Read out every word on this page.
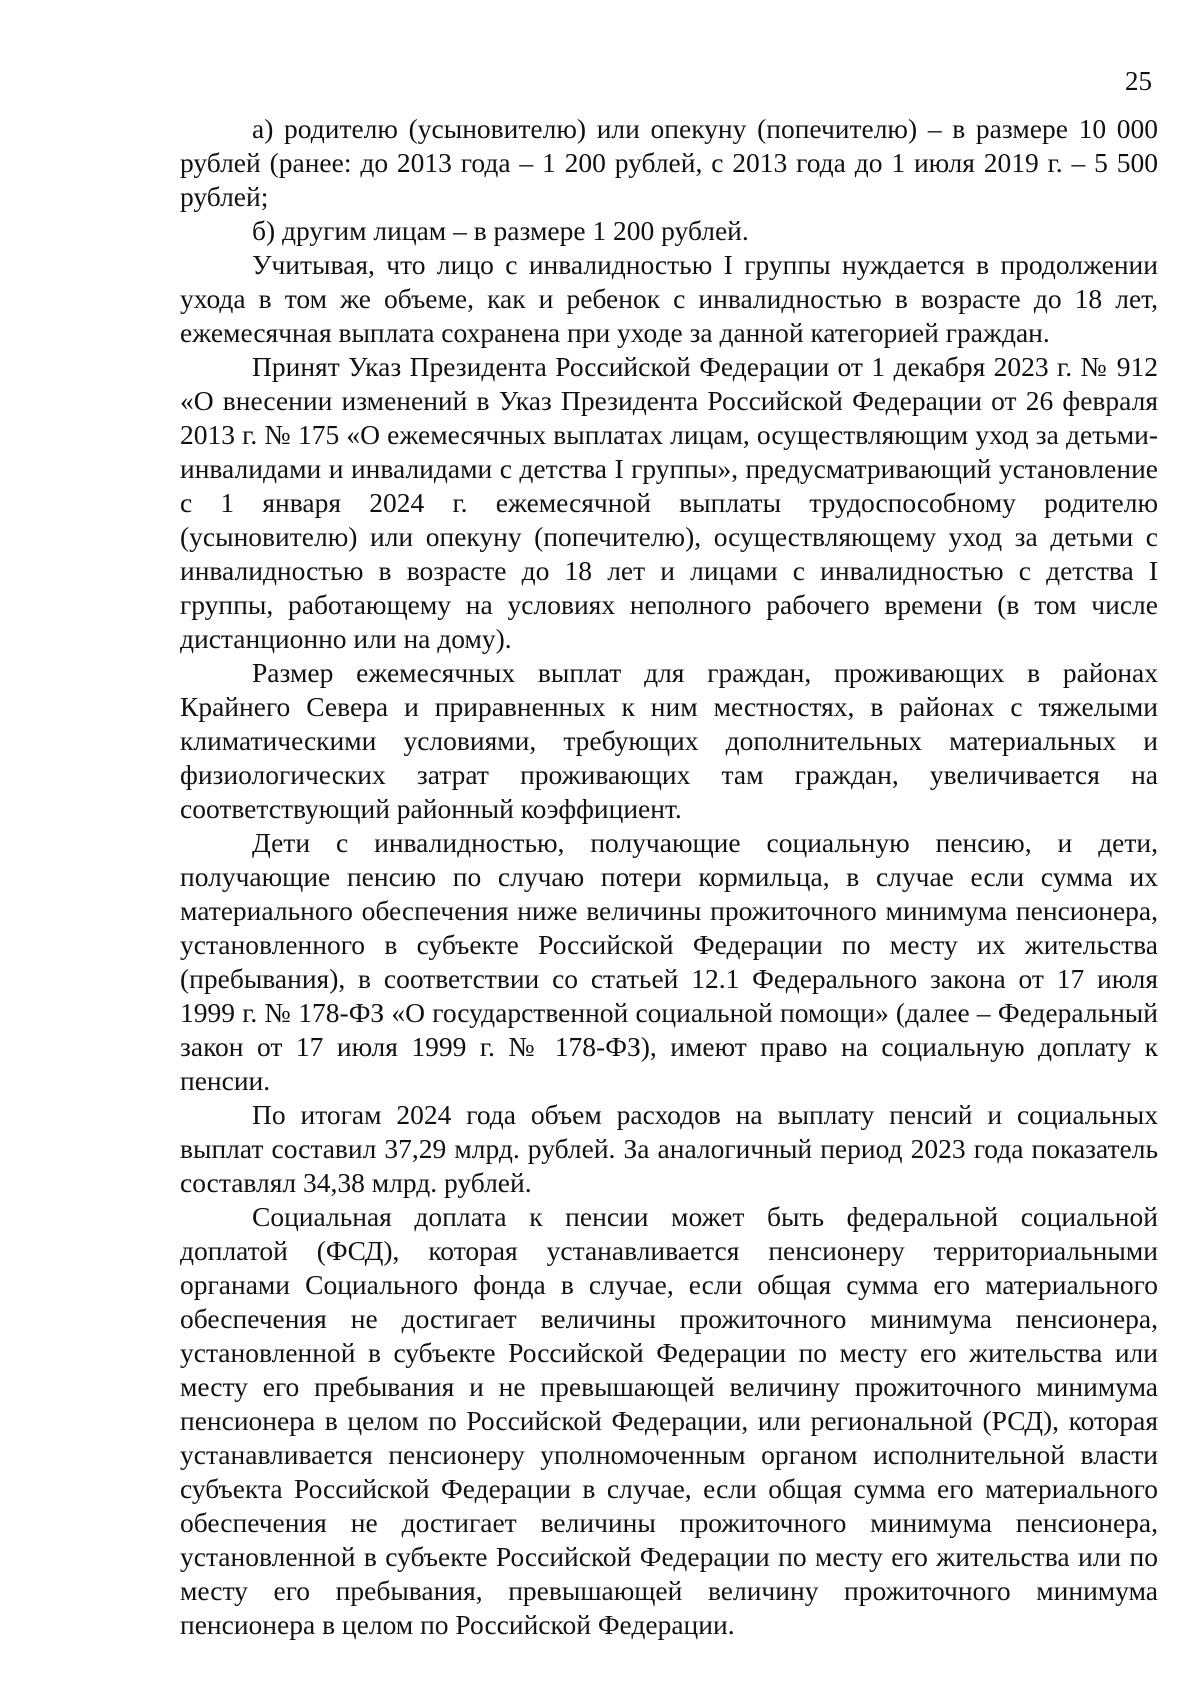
25

а) родителю (усыновителю) или опекуну (попечителю) – в размере 10 000 рублей (ранее: до 2013 года – 1 200 рублей, с 2013 года до 1 июля 2019 г. – 5 500 рублей;

б) другим лицам – в размере 1 200 рублей.

Учитывая, что лицо с инвалидностью I группы нуждается в продолжении ухода в том же объеме, как и ребенок с инвалидностью в возрасте до 18 лет, ежемесячная выплата сохранена при уходе за данной категорией граждан.

Принят Указ Президента Российской Федерации от 1 декабря 2023 г. № 912 «О внесении изменений в Указ Президента Российской Федерации от 26 февраля 2013 г. № 175 «О ежемесячных выплатах лицам, осуществляющим уход за детьми-инвалидами и инвалидами с детства I группы», предусматривающий установление с 1 января 2024 г. ежемесячной выплаты трудоспособному родителю (усыновителю) или опекуну (попечителю), осуществляющему уход за детьми с инвалидностью в возрасте до 18 лет и лицами с инвалидностью с детства I группы, работающему на условиях неполного рабочего времени (в том числе дистанционно или на дому).

Размер ежемесячных выплат для граждан, проживающих в районах Крайнего Севера и приравненных к ним местностях, в районах с тяжелыми климатическими условиями, требующих дополнительных материальных и физиологических затрат проживающих там граждан, увеличивается на соответствующий районный коэффициент.

Дети с инвалидностью, получающие социальную пенсию, и дети, получающие пенсию по случаю потери кормильца, в случае если сумма их материального обеспечения ниже величины прожиточного минимума пенсионера, установленного в субъекте Российской Федерации по месту их жительства (пребывания), в соответствии со статьей 12.1 Федерального закона от 17 июля 1999 г. № 178-ФЗ «О государственной социальной помощи» (далее – Федеральный закон от 17 июля 1999 г. № 178-ФЗ), имеют право на социальную доплату к пенсии.

По итогам 2024 года объем расходов на выплату пенсий и социальных выплат составил 37,29 млрд. рублей. За аналогичный период 2023 года показатель составлял 34,38 млрд. рублей.

Социальная доплата к пенсии может быть федеральной социальной доплатой (ФСД), которая устанавливается пенсионеру территориальными органами Социального фонда в случае, если общая сумма его материального обеспечения не достигает величины прожиточного минимума пенсионера, установленной в субъекте Российской Федерации по месту его жительства или месту его пребывания и не превышающей величину прожиточного минимума пенсионера в целом по Российской Федерации, или региональной (РСД), которая устанавливается пенсионеру уполномоченным органом исполнительной власти субъекта Российской Федерации в случае, если общая сумма его материального обеспечения не достигает величины прожиточного минимума пенсионера, установленной в субъекте Российской Федерации по месту его жительства или по месту его пребывания, превышающей величину прожиточного минимума пенсионера в целом по Российской Федерации.
